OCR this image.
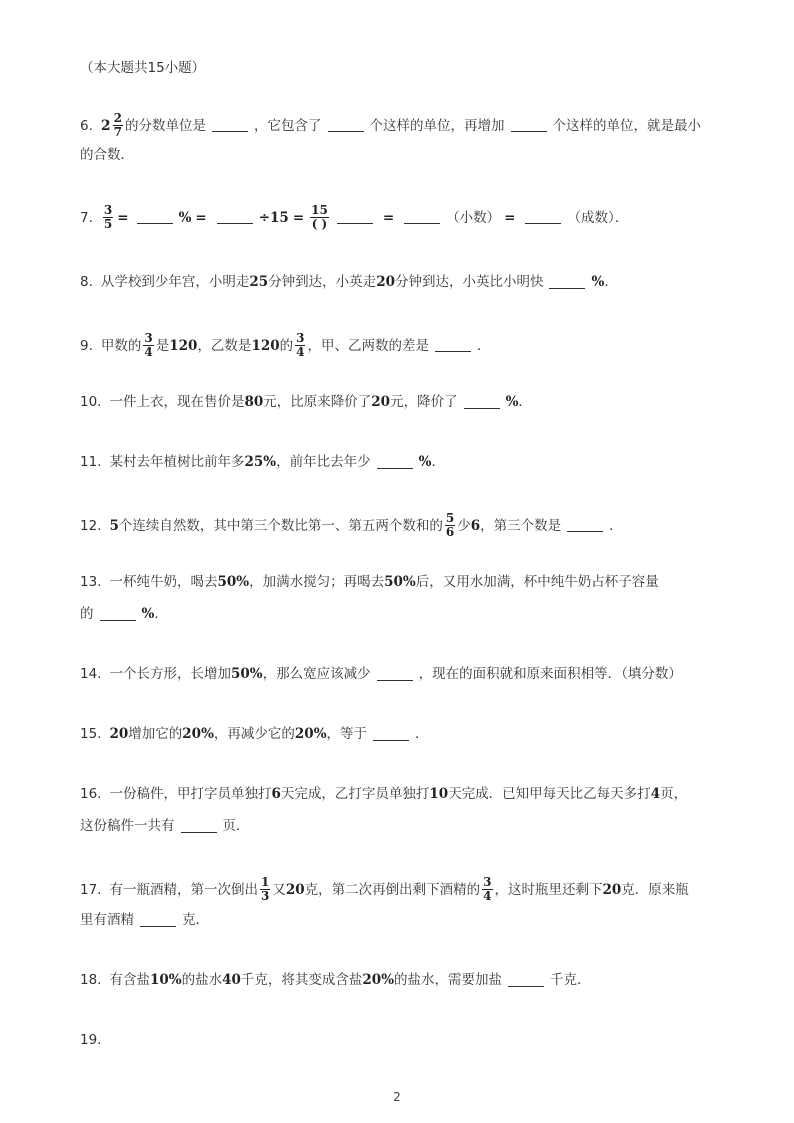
（本大题共15小题）
6. $2 \frac{2}{7}$ 的分数单位是	，它包含了	个这样的单位，再增加	个这样的单位，就是最小
的合数．
7. $\frac{3}{5}$ =	% =	$\div 15 = \frac{15}{( )}$	=	（小数） =	（成数）．
8. 从学校到少年宫，小明走 25 分钟到达，小英走 20 分钟到达，小英比小明快	% ．
9. 甲数的 $\frac{3}{4}$ 是 120 ，乙数是 120 的 $\frac{3}{4}$ ，甲、乙两数的差是	．
10. 一件上衣，现在售价是 80 元，比原来降价了 20 元，降价了	% ．
11. 某村去年植树比前年多 25% ，前年比去年少	% ．
12. 5 个连续自然数，其中第三个数比第一、第五两个数和的 $\frac{5}{6}$ 少 6 ，第三个数是	．
13. 一杯纯牛奶，喝去 50% ，加满水搅匀；再喝去 50% 后，又用水加满，杯中纯牛奶占杯子容量
的	% ．
14. 一个长方形，长增加 50% ，那么宽应该减少	，现在的面积就和原来面积相等．（填分数）
15. 20 增加它的 20% ，再减少它的 20% ，等于	．
16. 一份稿件，甲打字员单独打 6 天完成，乙打字员单独打 10 天完成．已知甲每天比乙每天多打 4 页，
这份稿件一共有	页．
17. 有一瓶酒精，第一次倒出 $\frac{1}{3}$ 又 20 克，第二次再倒出剩下酒精的 $\frac{3}{4}$ ，这时瓶里还剩下 20 克．原来瓶
里有酒精	克．
18. 有含盐 10% 的盐水 40 千克，将其变成含盐 20% 的盐水，需要加盐	千克．
19.
2
